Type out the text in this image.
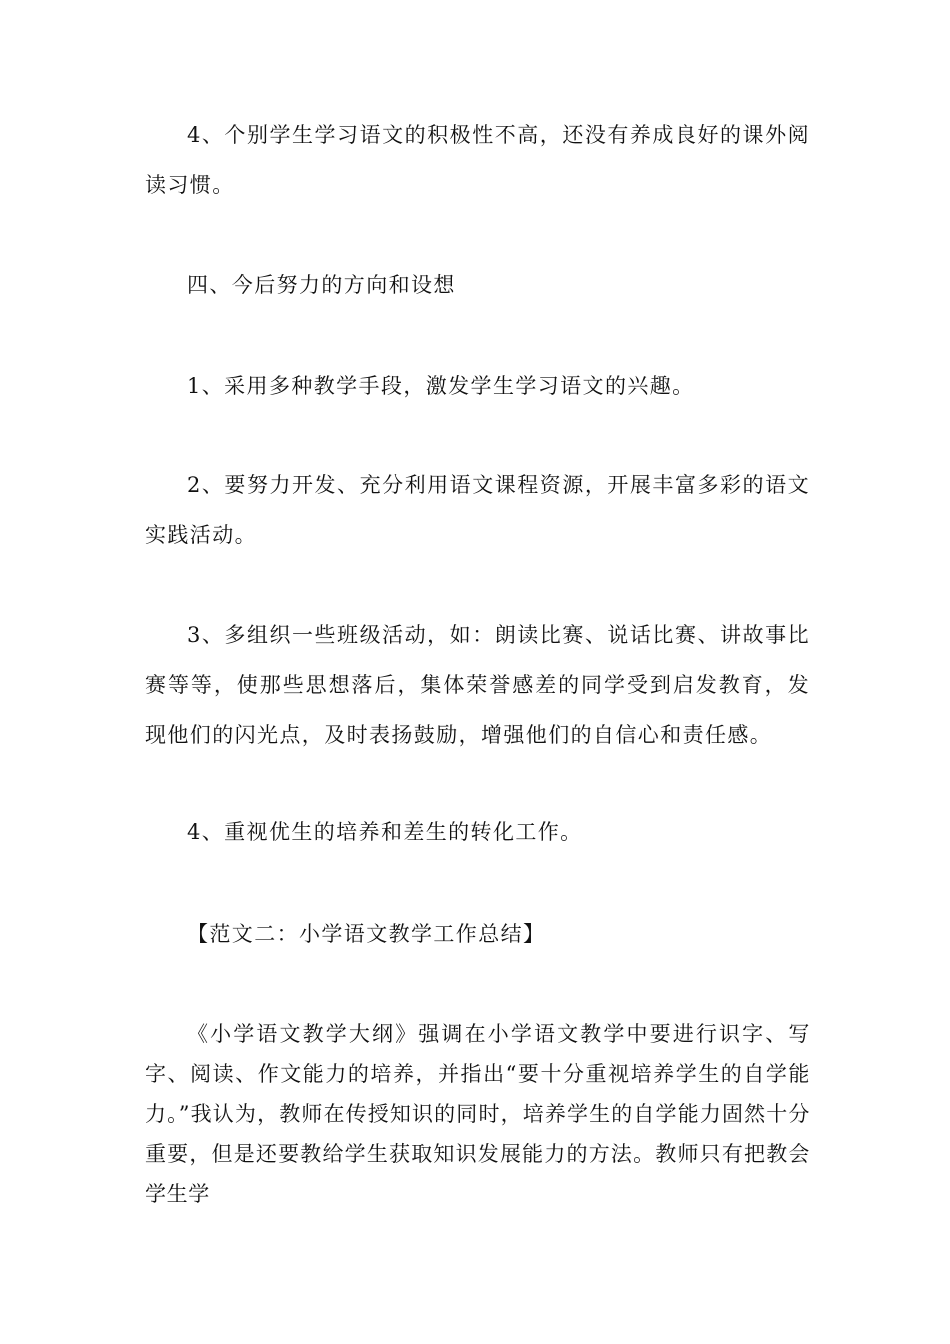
4、个别学生学习语文的积极性不高，还没有养成良好的课外阅读习惯。

四、今后努力的方向和设想

1、采用多种教学手段，激发学生学习语文的兴趣。

2、要努力开发、充分利用语文课程资源，开展丰富多彩的语文实践活动。

3、多组织一些班级活动，如：朗读比赛、说话比赛、讲故事比赛等等，使那些思想落后，集体荣誉感差的同学受到启发教育，发现他们的闪光点，及时表扬鼓励，增强他们的自信心和责任感。

4、重视优生的培养和差生的转化工作。

【范文二：小学语文教学工作总结】

《小学语文教学大纲》强调在小学语文教学中要进行识字、写字、阅读、作文能力的培养，并指出“要十分重视培养学生的自学能力。”我认为，教师在传授知识的同时，培养学生的自学能力固然十分重要，但是还要教给学生获取知识发展能力的方法。教师只有把教会学生学
